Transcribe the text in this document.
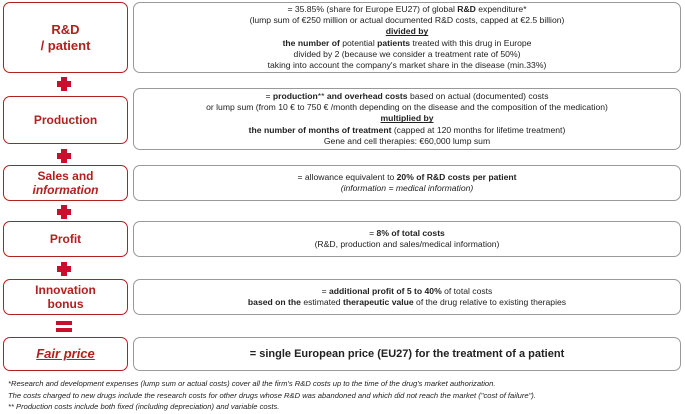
R&D
/ patient
= 35.85% (share for Europe EU27) of global R&D expenditure*
(lump sum of €250 million or actual documented R&D costs, capped at €2.5 billion)
divided by
the number of potential patients treated with this drug in Europe
divided by 2 (because we consider a treatment rate of 50%)
taking into account the company's market share in the disease (min.33%)
Production
= production** and overhead costs based on actual (documented) costs
or lump sum (from 10 € to 750 € /month depending on the disease and the composition of the medication)
multiplied by
the number of months of treatment (capped at 120 months for lifetime treatment)
Gene and cell therapies: €60,000 lump sum
Sales and
information
= allowance equivalent to 20% of R&D costs per patient
(information = medical information)
Profit	= 8% of total costs
(R&D, production and sales/medical information)
Innovation
bonus
= additional profit of 5 to 40% of total costs
based on the estimated therapeutic value of the drug relative to existing therapies
Fair price	= single European price (EU27) for the treatment of a patient
*Research and development expenses (lump sum or actual costs) cover all the firm's R&D costs up to the time of the drug's market authorization.
The costs charged to new drugs include the research costs for other drugs whose R&D was abandoned and which did not reach the market ("cost of failure").
** Production costs include both fixed (including depreciation) and variable costs.
